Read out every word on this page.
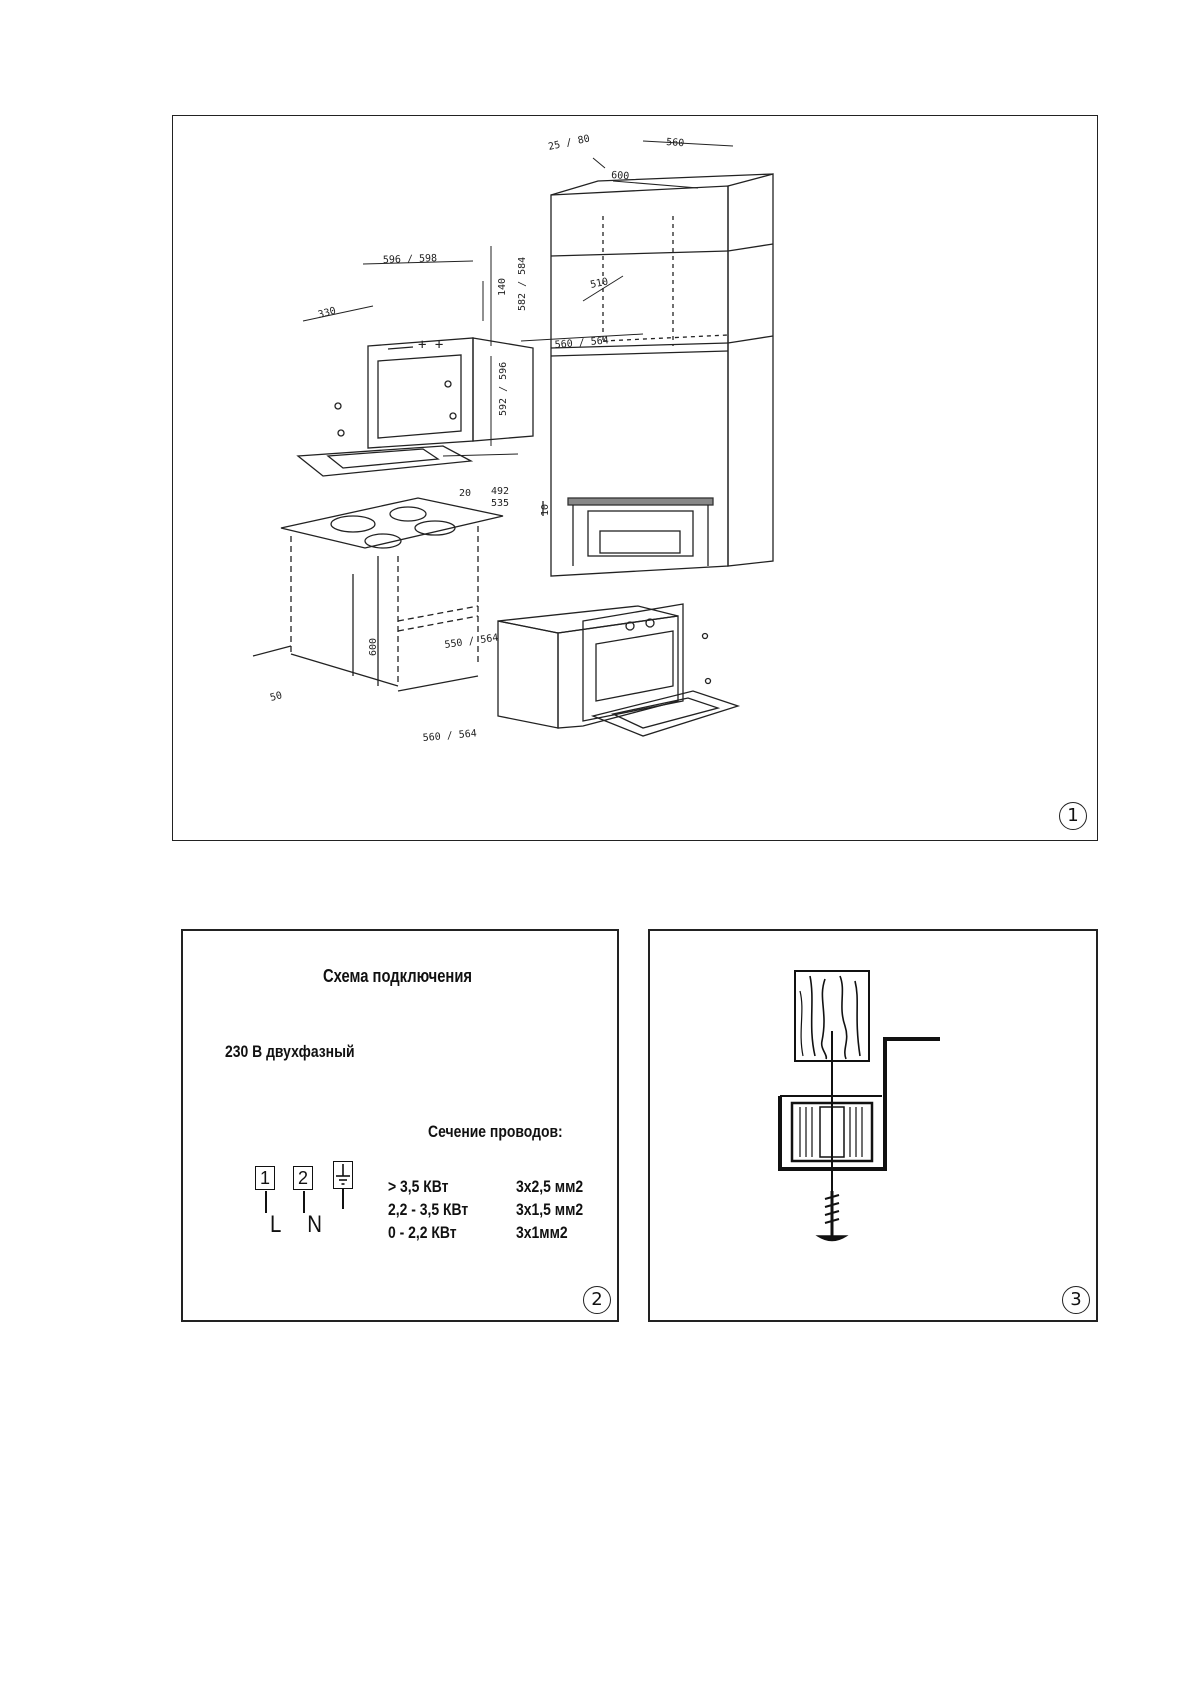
+ +
25 / 80	560
600
596 / 598
140 582 / 584	510
330
560 / 564
592 / 596
20 492
535
10
600	550 / 564
50
560 / 564
1
Схема подключения
230 В двухфазный
Сечение проводов:
1
L
2
N
> 3,5 КВт	3x2,5 мм2
2,2 - 3,5 КВт	3x1,5 мм2
0 - 2,2 КВт	3x1мм2
2	3
